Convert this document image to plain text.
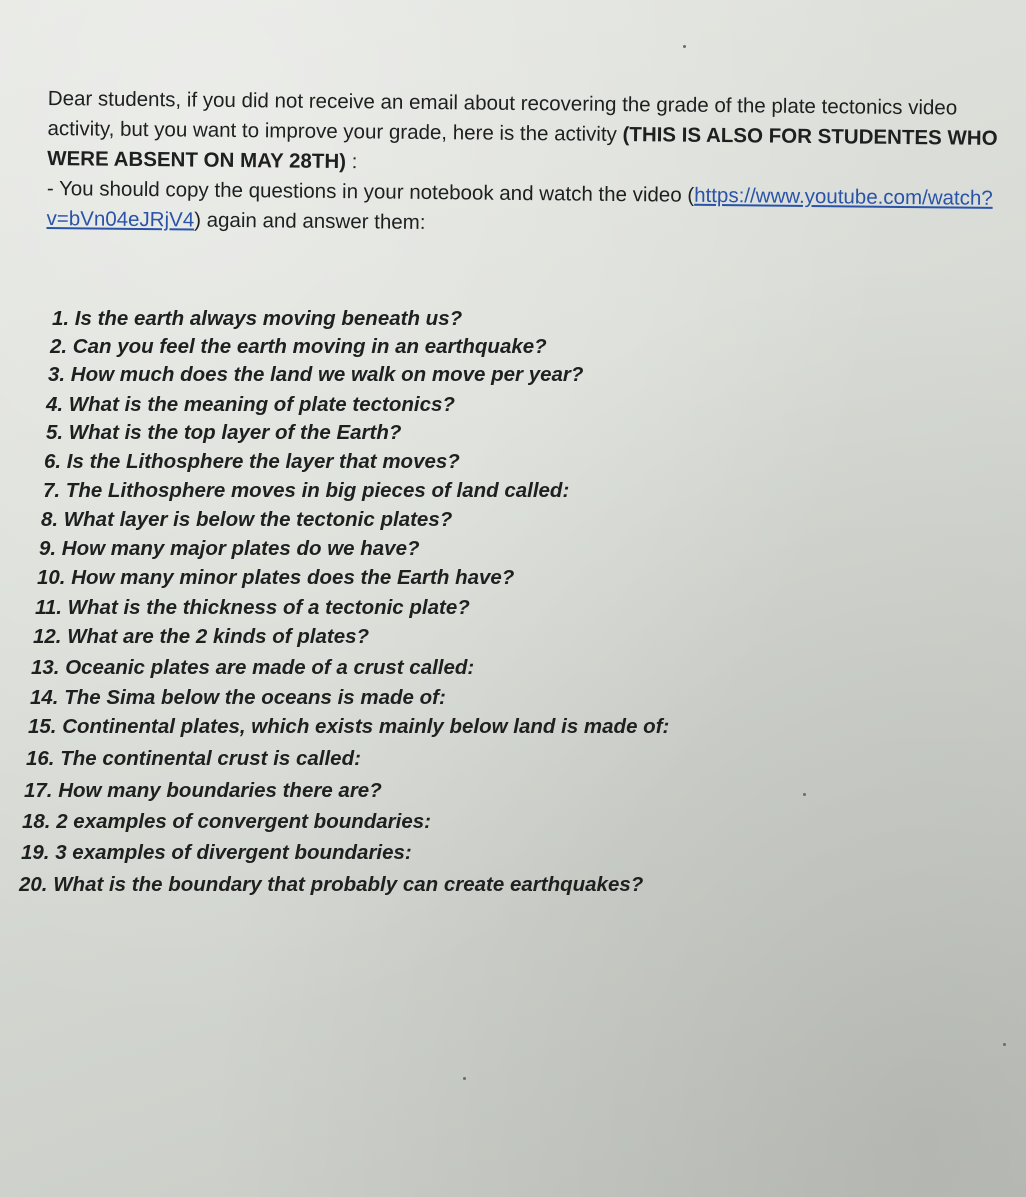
Dear students, if you did not receive an email about recovering the grade of the plate tectonics video activity, but you want to improve your grade, here is the activity (THIS IS ALSO FOR STUDENTES WHO WERE ABSENT ON MAY 28TH) :

- You should copy the questions in your notebook and watch the video (https://www.youtube.com/watch?v=bVn04eJRjV4) again and answer them:

1. Is the earth always moving beneath us?
2. Can you feel the earth moving in an earthquake?
3. How much does the land we walk on move per year?
4. What is the meaning of plate tectonics?
5. What is the top layer of the Earth?
6. Is the Lithosphere the layer that moves?
7. The Lithosphere moves in big pieces of land called:
8. What layer is below the tectonic plates?
9. How many major plates do we have?
10. How many minor plates does the Earth have?
11. What is the thickness of a tectonic plate?
12. What are the 2 kinds of plates?
13. Oceanic plates are made of a crust called:
14. The Sima below the oceans is made of:
15. Continental plates, which exists mainly below land is made of:
16. The continental crust is called:
17. How many boundaries there are?
18. 2 examples of convergent boundaries:
19. 3 examples of divergent boundaries:
20. What is the boundary that probably can create earthquakes?
